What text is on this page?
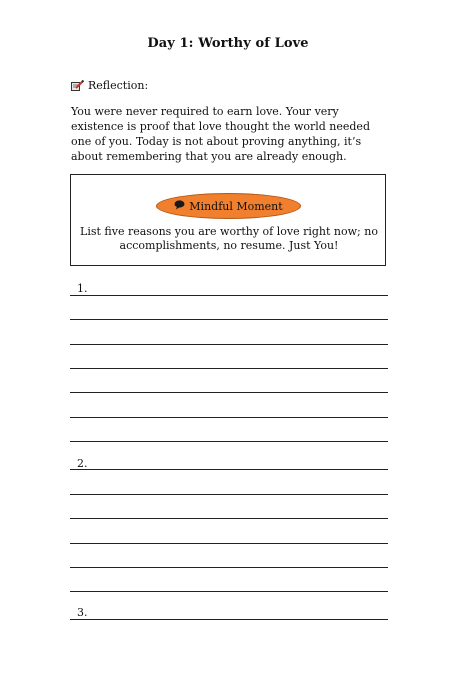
Day 1: Worthy of Love
Reflection:
You were never required to earn love. Your very existence is proof that love thought the world needed one of you. Today is not about proving anything, it’s about remembering that you are already enough.
Mindful Moment
List five reasons you are worthy of love right now; no accomplishments, no resume. Just You!
1.
2.
3.
